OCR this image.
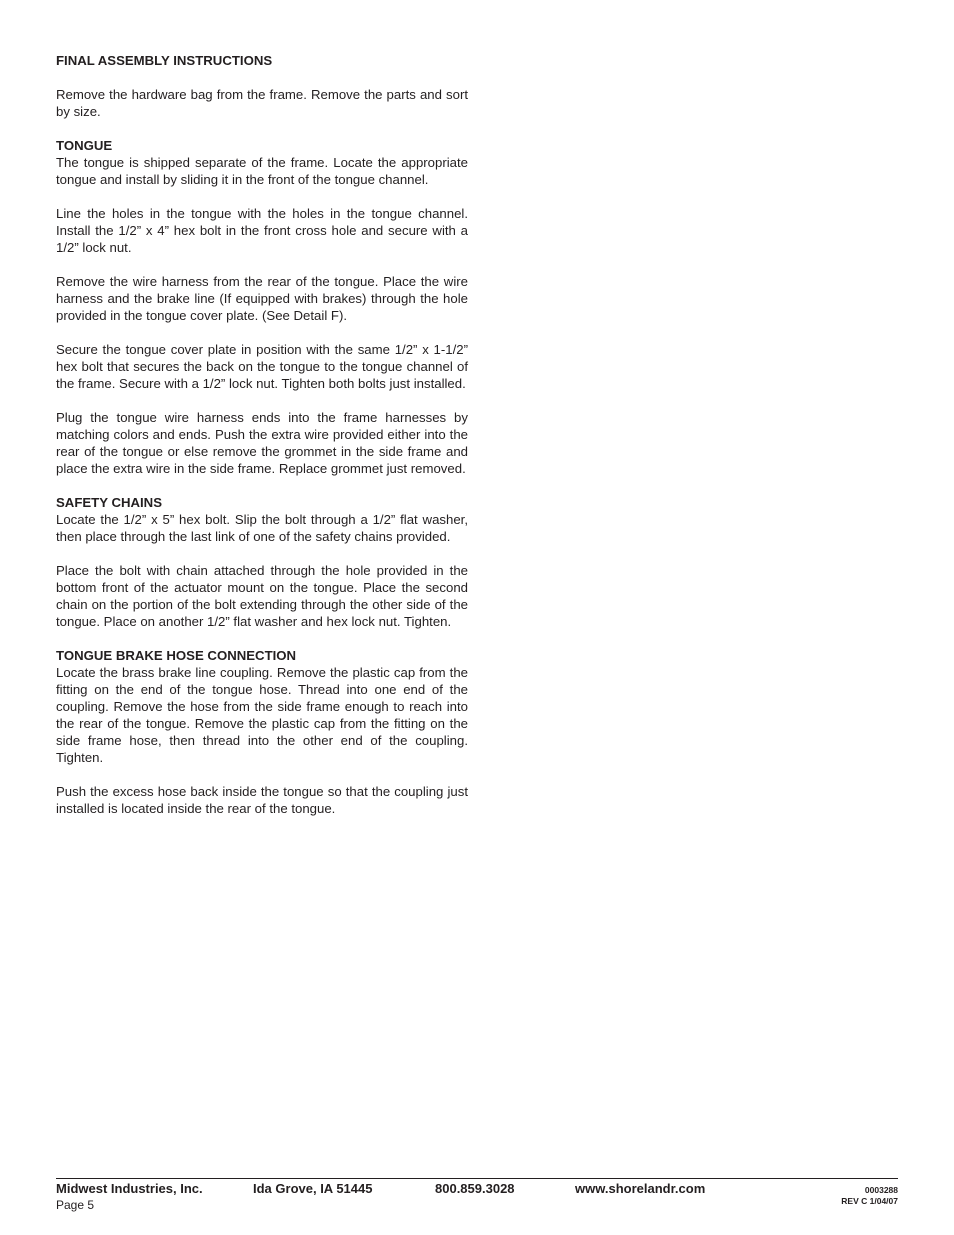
FINAL ASSEMBLY INSTRUCTIONS

Remove the hardware bag from the frame. Remove the parts and sort by size.

TONGUE

The tongue is shipped separate of the frame. Locate the appropriate tongue and install by sliding it in the front of the tongue channel.

Line the holes in the tongue with the holes in the tongue channel. Install the 1/2” x 4” hex bolt in the front cross hole and secure with a 1/2” lock nut.

Remove the wire harness from the rear of the tongue. Place the wire harness and the brake line (If equipped with brakes) through the hole provided in the tongue cover plate. (See Detail F).

Secure the tongue cover plate in position with the same 1/2” x 1-1/2” hex bolt that secures the back on the tongue to the tongue channel of the frame. Secure with a 1/2” lock nut. Tighten both bolts just installed.

Plug the tongue wire harness ends into the frame harnesses by matching colors and ends. Push the extra wire provided either into the rear of the tongue or else remove the grommet in the side frame and place the extra wire in the side frame. Replace grommet just removed.

SAFETY CHAINS

Locate the 1/2” x 5” hex bolt. Slip the bolt through a 1/2” flat washer, then place through the last link of one of the safety chains provided.

Place the bolt with chain attached through the hole provided in the bottom front of the actuator mount on the tongue. Place the second chain on the portion of the bolt extending through the other side of the tongue. Place on another 1/2” flat washer and hex lock nut. Tighten.

TONGUE BRAKE HOSE CONNECTION

Locate the brass brake line coupling. Remove the plastic cap from the fitting on the end of the tongue hose. Thread into one end of the coupling. Remove the hose from the side frame enough to reach into the rear of the tongue. Remove the plastic cap from the fitting on the side frame hose, then thread into the other end of the coupling. Tighten.

Push the excess hose back inside the tongue so that the coupling just installed is located inside the rear of the tongue.

Midwest Industries, Inc.	Ida Grove, IA 51445	800.859.3028	www.shorelandr.com
Page 5
0003288
REV C 1/04/07
